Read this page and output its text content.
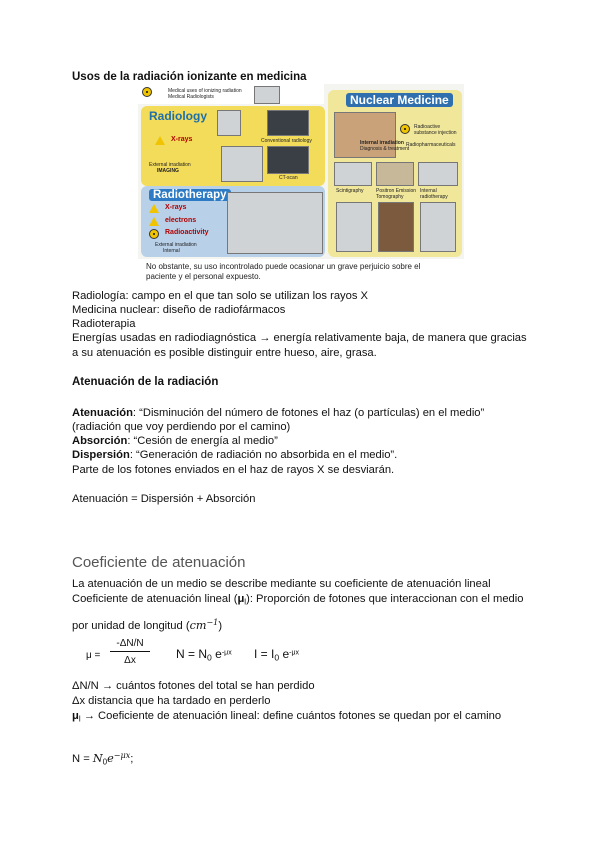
Usos de la radiación ionizante en medicina
Medical uses of ionizing radiation
Medical Radiologists
Radiology
X-rays
External irradiation
IMAGING
Conventional radiology
CT-scan
Radiotherapy
X-rays
electrons
Radioactivity
External irradiation
Internal
Nuclear Medicine
Radioactive substance injection
Internal irradiation
Diagnosis & treatment
Radiopharmaceuticals
Scintigraphy	Positron Emission Tomography
Internal radiotherapy
No obstante, su uso incontrolado puede ocasionar un grave perjuicio sobre el
paciente y el personal expuesto.
Radiología: campo en el que tan solo se utilizan los rayos X
Medicina nuclear: diseño de radiofármacos
Radioterapia
Energías usadas en radiodiagnóstica → energía relativamente baja, de manera que gracias
a su atenuación es posible distinguir entre hueso, aire, grasa.
Atenuación de la radiación
Atenuación: “Disminución del número de fotones el haz (o partículas) en el medio”
(radiación que voy perdiendo por el camino)
Absorción: “Cesión de energía al medio”
Dispersión: “Generación de radiación no absorbida en el medio”.
Parte de los fotones enviados en el haz de rayos X se desviarán.
Atenuación = Dispersión + Absorción
Coeficiente de atenuación
La atenuación de un medio se describe mediante su coeficiente de atenuación lineal
Coeficiente de atenuación lineal $(\mu_l)$: Proporción de fotones que interaccionan con el medio
por unidad de longitud $(cm^{-1})$
$\mu = \frac{-\Delta N/N}{\Delta x}$ $N = N_0$ $e^{-\mu x}$ $I = I_0$ $e^{-\mu x}$
ΔN/N → cuántos fotones del total se han perdido
Δx distancia que ha tardado en perderlo
$\mu_l$ → Coeficiente de atenuación lineal: define cuántos fotones se quedan por el camino
$N = N_0e^{-\mu x}$;
